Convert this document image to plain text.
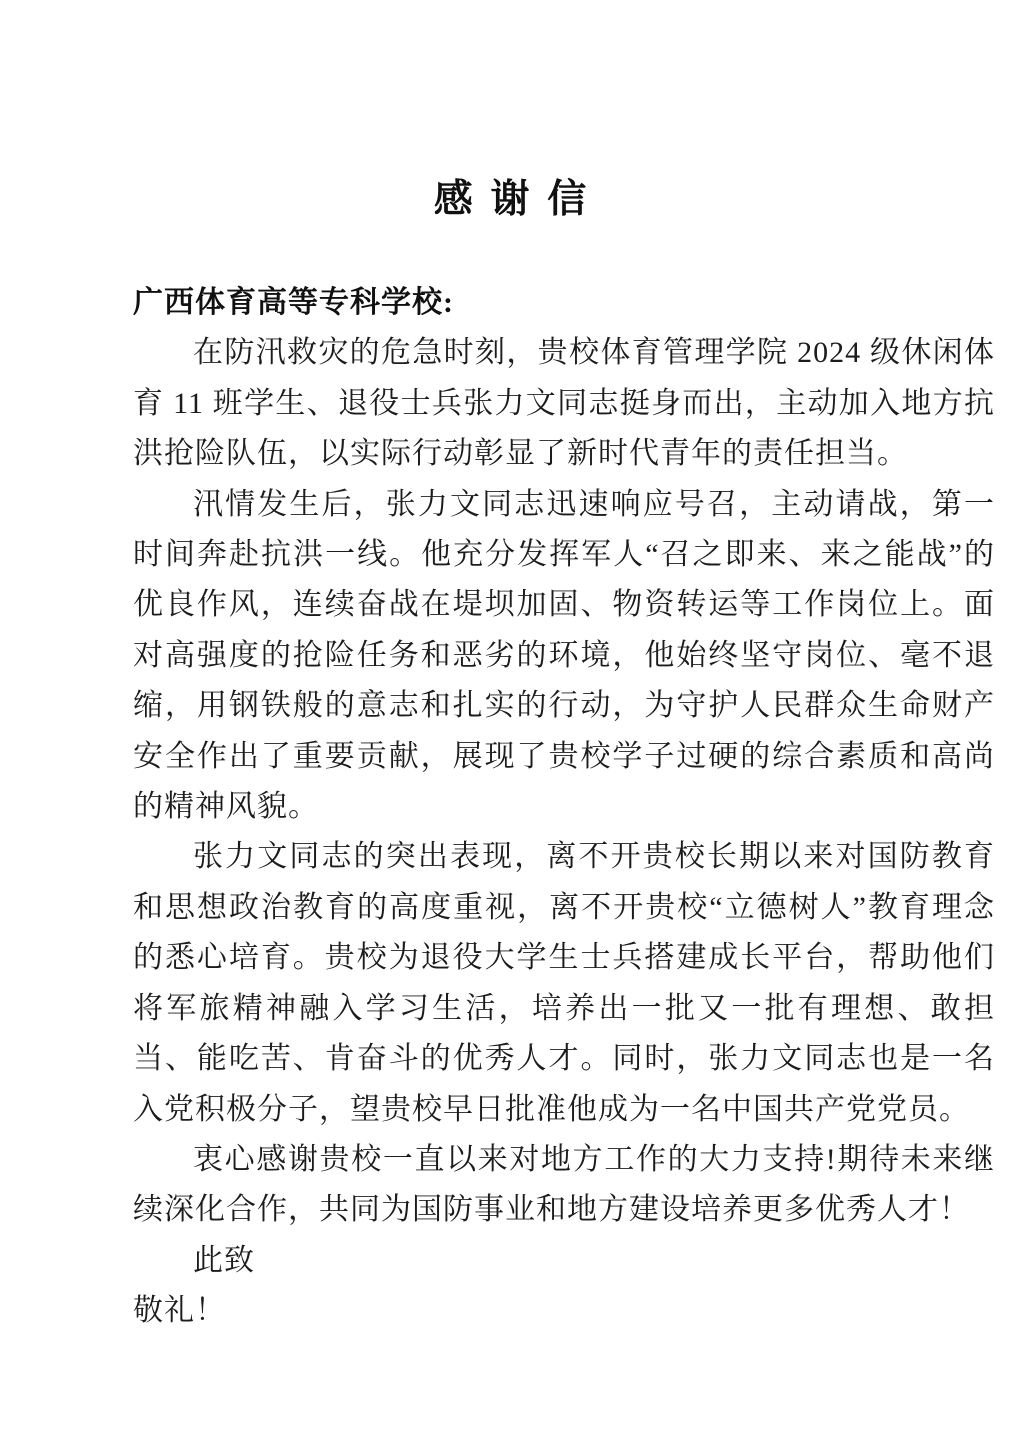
感 谢 信

广西体育高等专科学校:

在防汛救灾的危急时刻，贵校体育管理学院 2024 级休闲体育 11 班学生、退役士兵张力文同志挺身而出，主动加入地方抗洪抢险队伍，以实际行动彰显了新时代青年的责任担当。

汛情发生后，张力文同志迅速响应号召，主动请战，第一时间奔赴抗洪一线。他充分发挥军人“召之即来、来之能战”的优良作风，连续奋战在堤坝加固、物资转运等工作岗位上。面对高强度的抢险任务和恶劣的环境，他始终坚守岗位、毫不退缩，用钢铁般的意志和扎实的行动，为守护人民群众生命财产安全作出了重要贡献，展现了贵校学子过硬的综合素质和高尚的精神风貌。

张力文同志的突出表现，离不开贵校长期以来对国防教育和思想政治教育的高度重视，离不开贵校“立德树人”教育理念的悉心培育。贵校为退役大学生士兵搭建成长平台，帮助他们将军旅精神融入学习生活，培养出一批又一批有理想、敢担当、能吃苦、肯奋斗的优秀人才。同时，张力文同志也是一名入党积极分子，望贵校早日批准他成为一名中国共产党党员。

衷心感谢贵校一直以来对地方工作的大力支持!期待未来继续深化合作，共同为国防事业和地方建设培养更多优秀人才！

此致

敬礼！
